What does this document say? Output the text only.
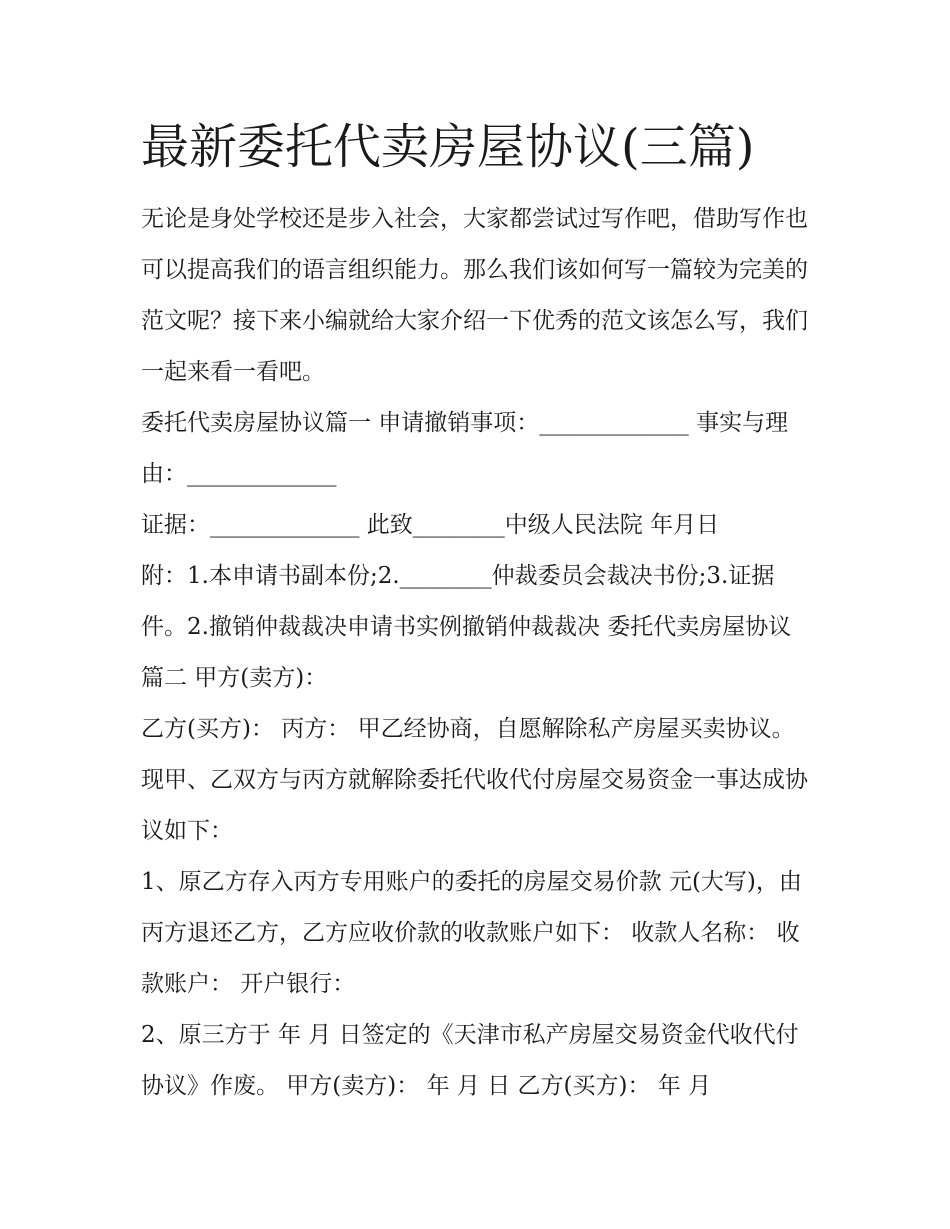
最新委托代卖房屋协议(三篇)

无论是身处学校还是步入社会，大家都尝试过写作吧，借助写作也可以提高我们的语言组织能力。那么我们该如何写一篇较为完美的范文呢？接下来小编就给大家介绍一下优秀的范文该怎么写，我们一起来看一看吧。

委托代卖房屋协议篇一 申请撤销事项：_____________ 事实与理由：_____________

证据：_____________ 此致________中级人民法院 年月日

附：1.本申请书副本份;2.________仲裁委员会裁决书份;3.证据件。2.撤销仲裁裁决申请书实例撤销仲裁裁决 委托代卖房屋协议篇二 甲方(卖方)：

乙方(买方)： 丙方： 甲乙经协商，自愿解除私产房屋买卖协议。现甲、乙双方与丙方就解除委托代收代付房屋交易资金一事达成协议如下：

1、原乙方存入丙方专用账户的委托的房屋交易价款 元(大写)，由丙方退还乙方，乙方应收价款的收款账户如下： 收款人名称： 收款账户： 开户银行：

2、原三方于 年 月 日签定的《天津市私产房屋交易资金代收代付协议》作废。 甲方(卖方)： 年 月 日 乙方(买方)： 年 月
